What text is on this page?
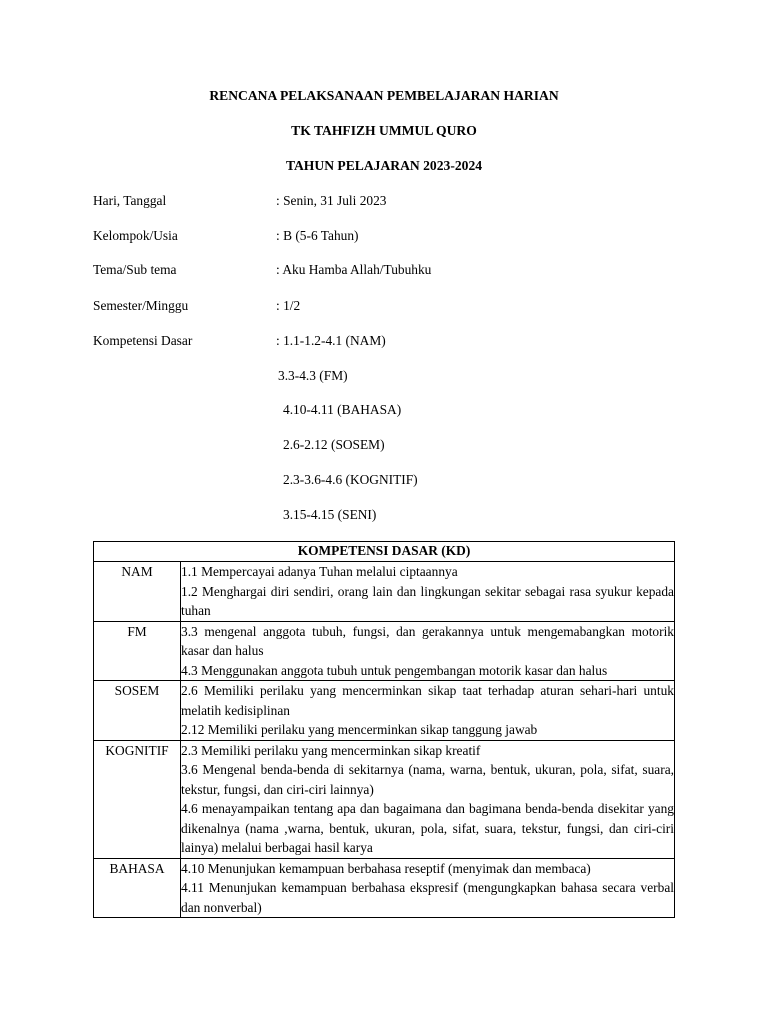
RENCANA PELAKSANAAN PEMBELAJARAN HARIAN
TK TAHFIZH UMMUL QURO
TAHUN PELAJARAN 2023-2024
Hari, Tanggal	: Senin, 31 Juli 2023
Kelompok/Usia	: B (5-6 Tahun)
Tema/Sub tema	: Aku Hamba Allah/Tubuhku
Semester/Minggu	: 1/2
Kompetensi Dasar	: 1.1-1.2-4.1 (NAM)
3.3-4.3 (FM)
4.10-4.11 (BAHASA)
2.6-2.12 (SOSEM)
2.3-3.6-4.6 (KOGNITIF)
3.15-4.15 (SENI)
KOMPETENSI DASAR (KD)	
NAM	1.1 Mempercayai adanya Tuhan melalui ciptaannya
1.2 Menghargai diri sendiri, orang lain dan lingkungan sekitar sebagai rasa syukur kepada tuhan

FM	3.3 mengenal anggota tubuh, fungsi, dan gerakannya untuk mengemabangkan motorik kasar dan halus
4.3 Menggunakan anggota tubuh untuk pengembangan motorik kasar dan halus

SOSEM	2.6 Memiliki perilaku yang mencerminkan sikap taat terhadap aturan sehari-hari untuk melatih kedisiplinan
2.12 Memiliki perilaku yang mencerminkan sikap tanggung jawab

KOGNITIF	2.3 Memiliki perilaku yang mencerminkan sikap kreatif
3.6 Mengenal benda-benda di sekitarnya (nama, warna, bentuk, ukuran, pola, sifat, suara, tekstur, fungsi, dan ciri-ciri lainnya)
4.6 menayampaikan tentang apa dan bagaimana dan bagimana benda-benda disekitar yang dikenalnya (nama ,warna, bentuk, ukuran, pola, sifat, suara, tekstur, fungsi, dan ciri-ciri lainya) melalui berbagai hasil karya

BAHASA	4.10 Menunjukan kemampuan berbahasa reseptif (menyimak dan membaca)
4.11 Menunjukan kemampuan berbahasa ekspresif (mengungkapkan bahasa secara verbal dan nonverbal)
